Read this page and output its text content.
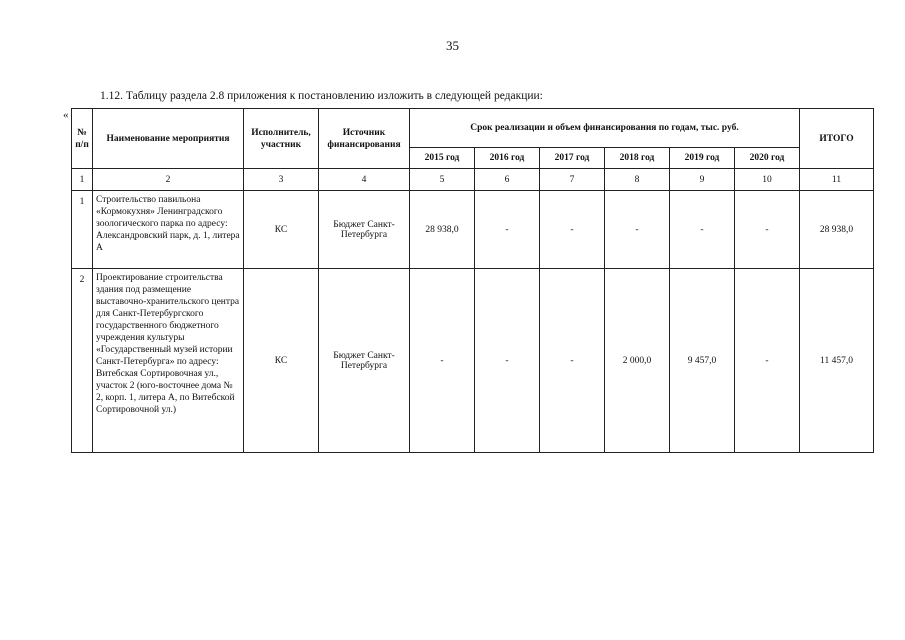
35
1.12. Таблицу раздела 2.8 приложения к постановлению изложить в следующей редакции:
«
№ п/п	Наименование мероприятия	Исполнитель, участник	Источник финансирования	Срок реализации и объем финансирования по годам, тыс. руб.						ИТОГО
				2015 год	2016 год	2017 год	2018 год	2019 год	2020 год	
1	2	3	4	5	6	7	8	9	10	11
1	Строительство павильона «Кормокухня» Ленинградского зоологического парка по адресу: Александровский парк, д. 1, литера А	КС	Бюджет Санкт-Петербурга	28 938,0	-	-	-	-	-	28 938,0
2	Проектирование строительства здания под размещение выставочно-хранительского центра для Санкт-Петербургского государственного бюджетного учреждения культуры «Государственный музей истории Санкт-Петербурга» по адресу: Витебская Сортировочная ул., участок 2 (юго-восточнее дома № 2, корп. 1, литера А, по Витебской Сортировочной ул.)	КС	Бюджет Санкт-Петербурга	-	-	-	2 000,0	9 457,0	-	11 457,0
